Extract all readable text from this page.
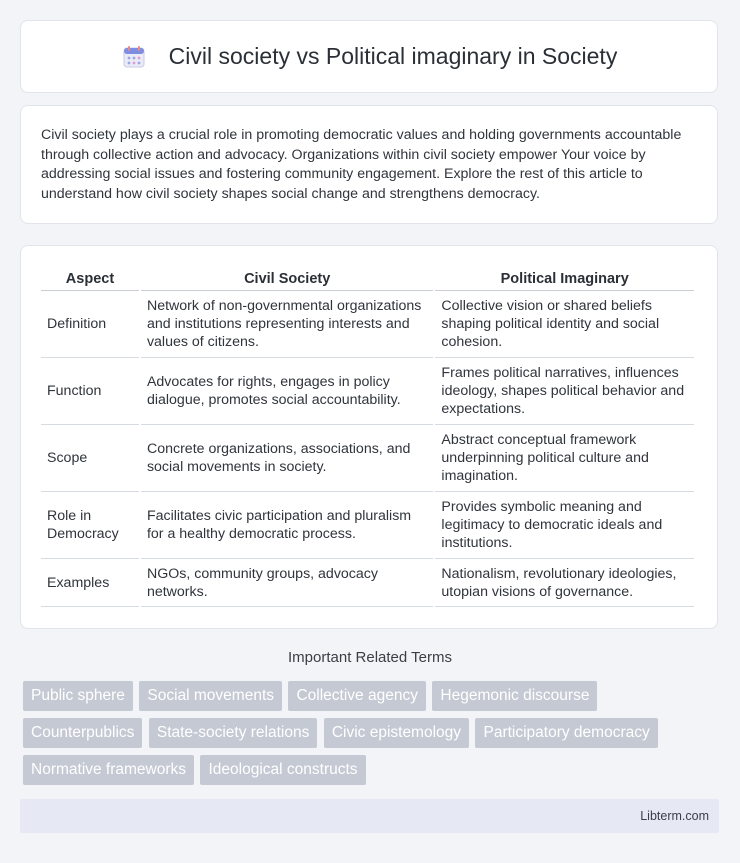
Civil society vs Political imaginary in Society

Civil society plays a crucial role in promoting democratic values and holding governments accountable through collective action and advocacy. Organizations within civil society empower Your voice by addressing social issues and fostering community engagement. Explore the rest of this article to understand how civil society shapes social change and strengthens democracy.

Aspect	Civil Society	Political Imaginary
Definition	Network of non-governmental organizations and institutions representing interests and values of citizens.	Collective vision or shared beliefs shaping political identity and social cohesion.
Function	Advocates for rights, engages in policy dialogue, promotes social accountability.	Frames political narratives, influences ideology, shapes political behavior and expectations.
Scope	Concrete organizations, associations, and social movements in society.	Abstract conceptual framework underpinning political culture and imagination.
Role in Democracy	Facilitates civic participation and pluralism for a healthy democratic process.	Provides symbolic meaning and legitimacy to democratic ideals and institutions.
Examples	NGOs, community groups, advocacy networks.	Nationalism, revolutionary ideologies, utopian visions of governance.
Important Related Terms
Public sphere Social movements Collective agency Hegemonic discourse Counterpublics State-society relations Civic epistemology Participatory democracy Normative frameworks Ideological constructs
Libterm.com
